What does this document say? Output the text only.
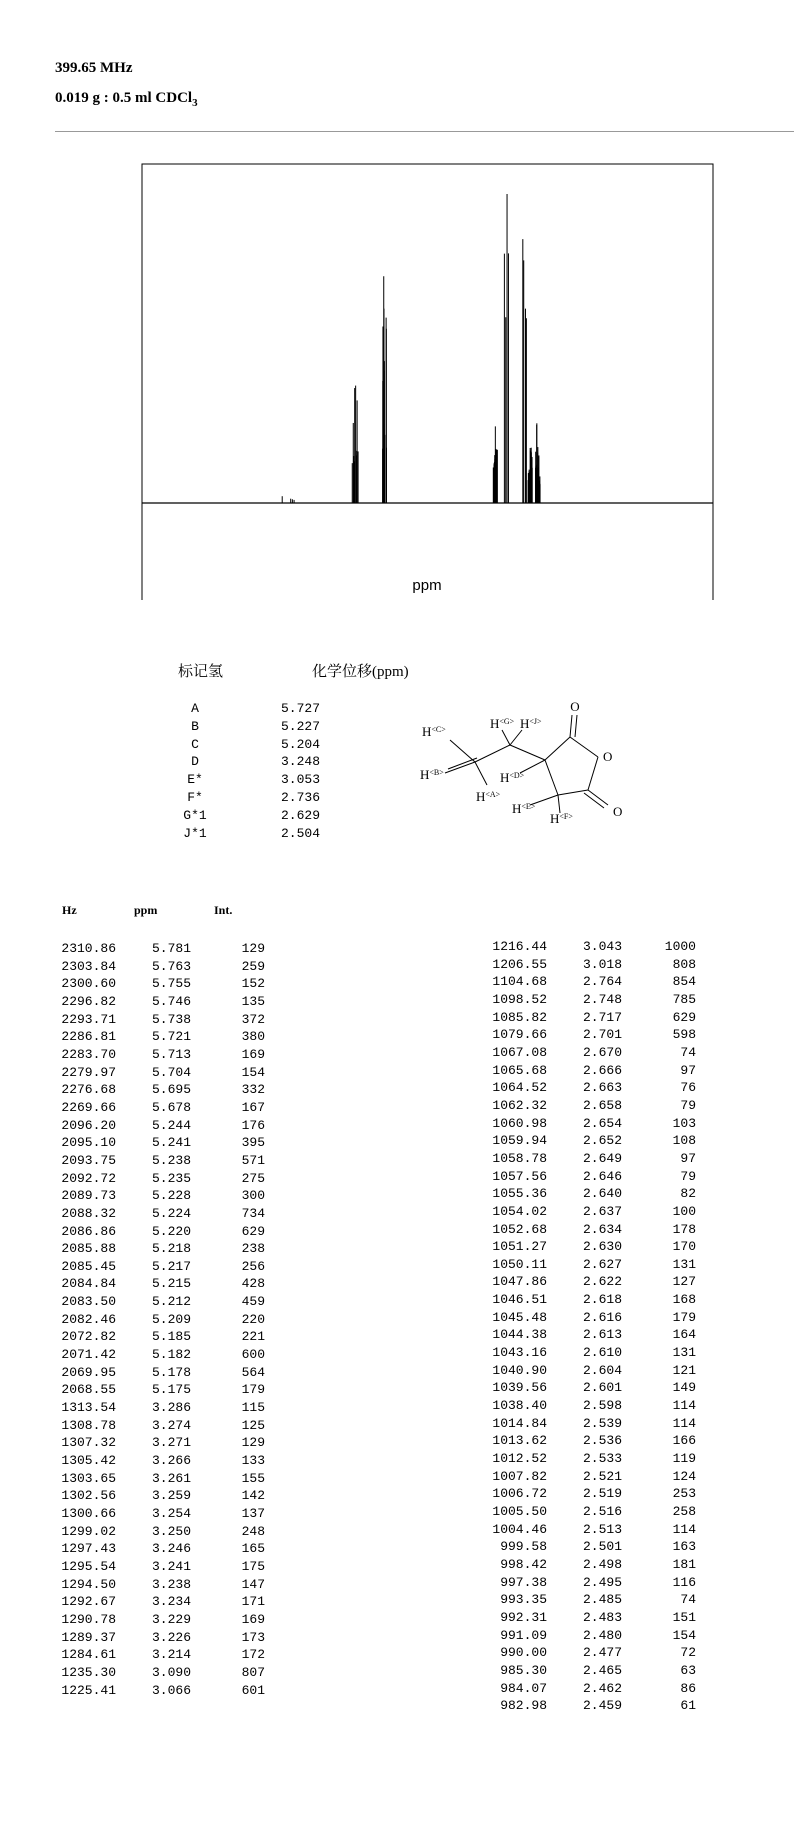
399.65 MHz
0.019 g : 0.5 ml CDCl$_3$
ppm
标记氢	化学位移(ppm)
A	5.727
B	5.227
C	5.204
D	3.248
E*	3.053
F*	2.736
G*1	2.629
J*1	2.504
O
O
O
$H^{<C>}$
$H^{<B>}$
$H^{<A>}$
$H^{<G>}$ $H^{<J>}$
$H^{<D>}$
$H^{<E>}$
$H^{<F>}$
Hz	ppm	Int.
2310.86	5.781	129
2303.84	5.763	259
2300.60	5.755	152
2296.82	5.746	135
2293.71	5.738	372
2286.81	5.721	380
2283.70	5.713	169
2279.97	5.704	154
2276.68	5.695	332
2269.66	5.678	167
2096.20	5.244	176
2095.10	5.241	395
2093.75	5.238	571
2092.72	5.235	275
2089.73	5.228	300
2088.32	5.224	734
2086.86	5.220	629
2085.88	5.218	238
2085.45	5.217	256
2084.84	5.215	428
2083.50	5.212	459
2082.46	5.209	220
2072.82	5.185	221
2071.42	5.182	600
2069.95	5.178	564
2068.55	5.175	179
1313.54	3.286	115
1308.78	3.274	125
1307.32	3.271	129
1305.42	3.266	133
1303.65	3.261	155
1302.56	3.259	142
1300.66	3.254	137
1299.02	3.250	248
1297.43	3.246	165
1295.54	3.241	175
1294.50	3.238	147
1292.67	3.234	171
1290.78	3.229	169
1289.37	3.226	173
1284.61	3.214	172
1235.30	3.090	807
1225.41	3.066	601
1216.44	3.043	1000
1206.55	3.018	808
1104.68	2.764	854
1098.52	2.748	785
1085.82	2.717	629
1079.66	2.701	598
1067.08	2.670	74
1065.68	2.666	97
1064.52	2.663	76
1062.32	2.658	79
1060.98	2.654	103
1059.94	2.652	108
1058.78	2.649	97
1057.56	2.646	79
1055.36	2.640	82
1054.02	2.637	100
1052.68	2.634	178
1051.27	2.630	170
1050.11	2.627	131
1047.86	2.622	127
1046.51	2.618	168
1045.48	2.616	179
1044.38	2.613	164
1043.16	2.610	131
1040.90	2.604	121
1039.56	2.601	149
1038.40	2.598	114
1014.84	2.539	114
1013.62	2.536	166
1012.52	2.533	119
1007.82	2.521	124
1006.72	2.519	253
1005.50	2.516	258
1004.46	2.513	114
999.58	2.501	163
998.42	2.498	181
997.38	2.495	116
993.35	2.485	74
992.31	2.483	151
991.09	2.480	154
990.00	2.477	72
985.30	2.465	63
984.07	2.462	86
982.98	2.459	61
